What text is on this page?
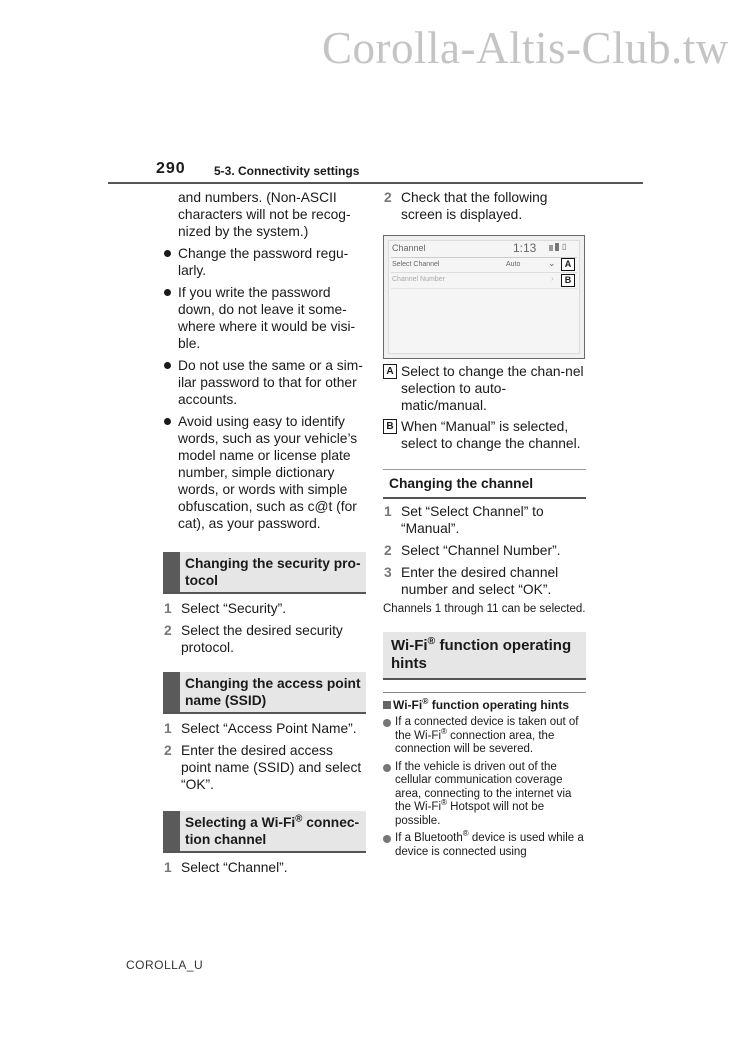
Corolla-Altis-Club.tw
290 5-3. Connectivity settings
and numbers. (Non-ASCII characters will not be recog-nized by the system.)
Change the password regu-larly.
If you write the password down, do not leave it some-where where it would be visi-ble.
Do not use the same or a sim-ilar password to that for other accounts.
Avoid using easy to identify words, such as your vehicle’s model name or license plate number, simple dictionary words, or words with simple obfuscation, such as c@t (for cat), as your password.
Changing the security pro-tocol
1 Select “Security”.
2 Select the desired security protocol.
Changing the access point name (SSID)
1 Select “Access Point Name”.
2 Enter the desired access point name (SSID) and select “OK”.
Selecting a Wi-Fi® connec-tion channel
1 Select “Channel”.
2 Check that the following screen is displayed.
Channel	1:13	▯
Select Channel	Auto	⌄	A
Channel Number	›	B
A Select to change the chan-nel selection to auto-matic/manual.
B When “Manual” is selected, select to change the channel.
Changing the channel
1 Set “Select Channel” to “Manual”.
2 Select “Channel Number”.
3 Enter the desired channel number and select “OK”.
Channels 1 through 11 can be selected.
Wi-Fi® function operating hints
Wi-Fi® function operating hints
If a connected device is taken out of the Wi-Fi® connection area, the connection will be severed.
If the vehicle is driven out of the cellular communication coverage area, connecting to the internet via the Wi-Fi® Hotspot will not be possible.
If a Bluetooth® device is used while a device is connected using
COROLLA_U
